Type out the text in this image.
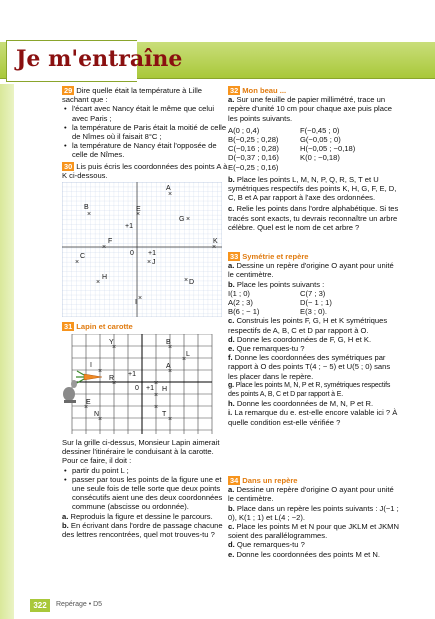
Je m'entraîne

29 Dire quelle était la température à Lille sachant que :

• l'écart avec Nancy était le même que celui avec Paris ;
• la température de Paris était la moitié de celle de Nîmes où il faisait 8°C ;
• la température de Nancy était l'opposée de celle de Nîmes.

30 Lis puis écris les coordonnées des points A à K ci-dessous.

0 +1
+1
A
B
C
D
E
F
G
H
J
I
K
×
×
×
×
×
×
×
×
×
×
×

31 Lapin et carotte

Y	B
L
I	A
R
+1
0 +1 H
E
N	T
×	×
×
×	×
×	×
×
×
×
×	×

Sur la grille ci-dessus, Monsieur Lapin aimerait dessiner l'itinéraire le conduisant à la carotte. Pour ce faire, il doit :

• partir du point L ;
• passer par tous les points de la figure une et une seule fois de telle sorte que deux points consécutifs aient une des deux coordonnées commune (abscisse ou ordonnée).

a. Reproduis la figure et dessine le parcours.

b. En écrivant dans l'ordre de passage chacune des lettres rencontrées, quel mot trouves-tu ?

32 Mon beau ...

a. Sur une feuille de papier millimétré, trace un repère d'unité 10 cm pour chaque axe puis place les points suivants.

A(0 ; 0,4)	F(−0,45 ; 0)
B(−0,25 ; 0,28)	G(−0,05 ; 0)
C(−0,16 ; 0,28)	H(−0,05 ; −0,18)
D(−0,37 ; 0,16)	K(0 ; −0,18)
E(−0,25 ; 0,16)

b. Place les points L, M, N, P, Q, R, S, T et U symétriques respectifs des points K, H, G, F, E, D, C, B et A par rapport à l'axe des ordonnées.

c. Relie les points dans l'ordre alphabétique. Si tes tracés sont exacts, tu devrais reconnaître un arbre célèbre. Quel est le nom de cet arbre ?

33 Symétrie et repère

a. Dessine un repère d'origine O ayant pour unité le centimètre.

b. Place les points suivants :

I(1 ; 0)	C(7 ; 3)
A(2 ; 3)	D(− 1 ; 1)
B(6 ; − 1)	E(3 ; 0).

c. Construis les points F, G, H et K symétriques respectifs de A, B, C et D par rapport à O.

d. Donne les coordonnées de F, G, H et K.

e. Que remarques-tu ?

f. Donne les coordonnées des symétriques par rapport à O des points T(4 ; − 5) et U(5 ; 0) sans les placer dans le repère.

g. Place les points M, N, P et R, symétriques respectifs des points A, B, C et D par rapport à E.

h. Donne les coordonnées de M, N, P et R.

i. La remarque du e. est-elle encore valable ici ? À quelle condition est-elle vérifiée ?

34 Dans un repère

a. Dessine un repère d'origine O ayant pour unité le centimètre.

b. Place dans un repère les points suivants : J(−1 ; 0), K(1 ; 1) et L(4 ; −2).

c. Place les points M et N pour que JKLM et JKMN soient des parallélogrammes.

d. Que remarques-tu ?

e. Donne les coordonnées des points M et N.

322	Repérage • D5
